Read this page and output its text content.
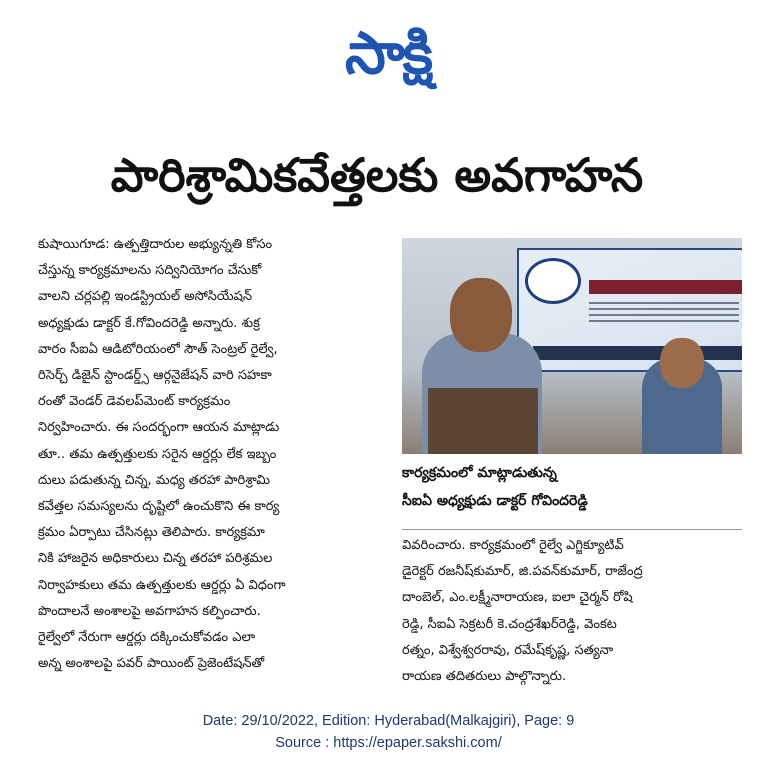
సాక్షి
పారిశ్రామికవేత్తలకు అవగాహన

కుషాయిగూడ: ఉత్పత్తిదారుల అభ్యున్నతి కోసం

చేస్తున్న కార్యక్రమాలను సద్వినియోగం చేసుకో

వాలని చర్లపల్లి ఇండస్ట్రియల్ అసోసియేషన్

అధ్యక్షుడు డాక్టర్ కే.గోవిందరెడ్డి అన్నారు. శుక్ర

వారం సీఐఏ ఆడిటోరియంలో సౌత్ సెంట్రల్ రైల్వే,

రిసెర్చ్ డిజైన్ స్టాండర్డ్స్ ఆర్గనైజేషన్ వారి సహకా

రంతో వెండర్ డెవలప్‌మెంట్ కార్యక్రమం

నిర్వహించారు. ఈ సందర్భంగా ఆయన మాట్లాడు

తూ.. తమ ఉత్పత్తులకు సరైన ఆర్డర్లు లేక ఇబ్బం

దులు పడుతున్న చిన్న, మధ్య తరహా పారిశ్రామి

కవేత్తల సమస్యలను దృష్టిలో ఉంచుకొని ఈ కార్య

క్రమం ఏర్పాటు చేసినట్లు తెలిపారు. కార్యక్రమా

నికి హాజరైన అధికారులు చిన్న తరహా పరిశ్రమల

నిర్వాహకులు తమ ఉత్పత్తులకు ఆర్డర్లు ఏ విధంగా

పొందాలనే అంశాలపై అవగాహన కల్పించారు.

రైల్వేలో నేరుగా ఆర్డర్లు దక్కించుకోవడం ఎలా

అన్న అంశాలపై పవర్ పాయింట్ ప్రెజెంటేషన్‌తో

కార్యక్రమంలో మాట్లాడుతున్న

సీఐఏ అధ్యక్షుడు డాక్టర్ గోవిందరెడ్డి

వివరించారు. కార్యక్రమంలో రైల్వే ఎగ్జిక్యూటివ్

డైరెక్టర్ రజనీష్‌కుమార్, జి.పవన్‌కుమార్, రాజేంద్ర

దాంబెల్, ఎం.లక్ష్మీనారాయణ, ఐలా చైర్మన్ రోషి

రెడ్డి, సీఐఏ సెక్రటరీ కె.చంద్రశేఖర్‌రెడ్డి, వెంకట

రత్నం, విశ్వేశ్వరరావు, రమేష్‌కృష్ణ, సత్యనా

రాయణ తదితరులు పాల్గొన్నారు.

Date: 29/10/2022, Edition: Hyderabad(Malkajgiri), Page: 9
Source : https://epaper.sakshi.com/
